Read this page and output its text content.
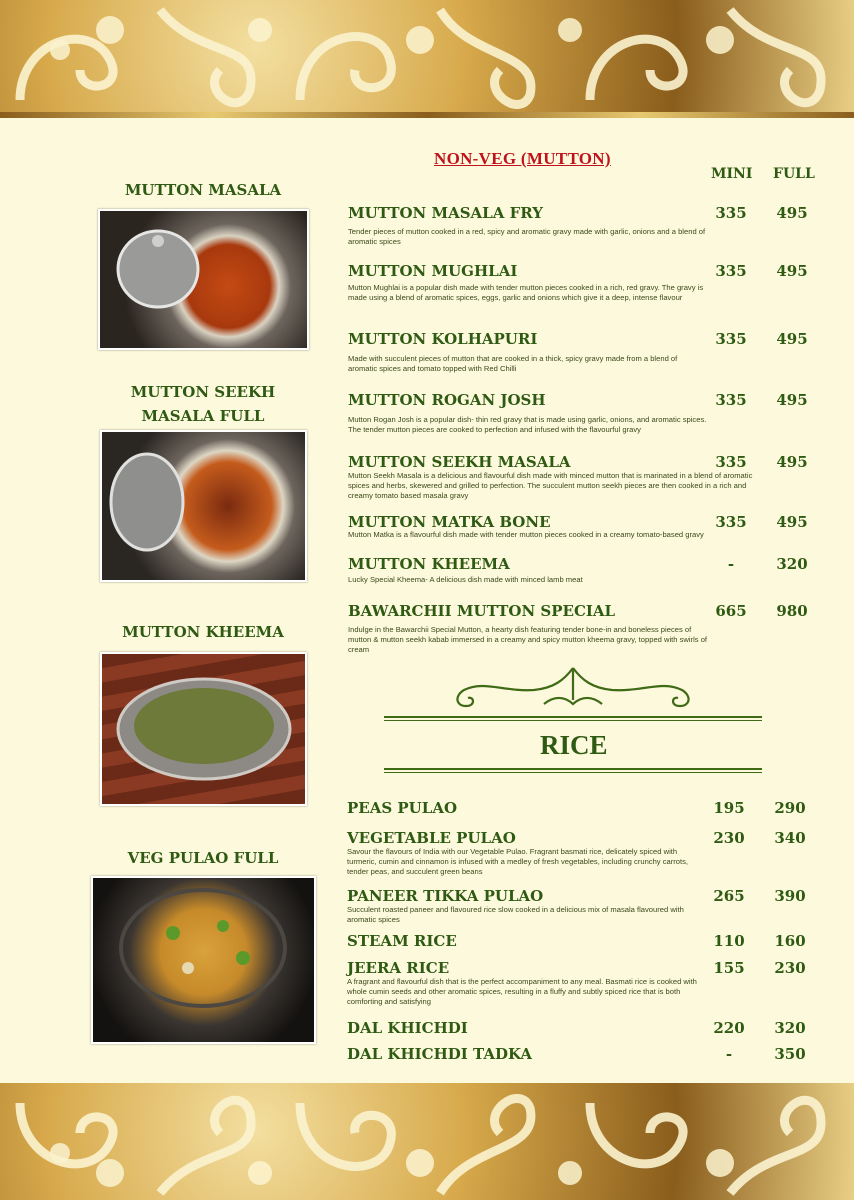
MUTTON MASALA
MUTTON SEEKH
MASALA FULL
MUTTON KHEEMA
VEG PULAO FULL
NON-VEG (MUTTON)
MINI FULL
MUTTON MASALA FRY	335 495
Tender pieces of mutton cooked in a red, spicy and aromatic gravy made with garlic, onions and a blend of aromatic spices
MUTTON MUGHLAI	335 495
Mutton Mughlai is a popular dish made with tender mutton pieces cooked in a rich, red gravy. The gravy is made using a blend of aromatic spices, eggs, garlic and onions which give it a deep, intense flavour
MUTTON KOLHAPURI	335 495
Made with succulent pieces of mutton that are cooked in a thick, spicy gravy made from a blend of aromatic spices and tomato topped with Red Chilli
MUTTON ROGAN JOSH	335 495
Mutton Rogan Josh is a popular dish- thin red gravy that is made using garlic, onions, and aromatic spices. The tender mutton pieces are cooked to perfection and infused with the flavourful gravy
MUTTON SEEKH MASALA	335 495
Mutton Seekh Masala is a delicious and flavourful dish made with minced mutton that is marinated in a blend of aromatic spices and herbs, skewered and grilled to perfection. The succulent mutton seekh pieces are then cooked in a rich and creamy tomato based masala gravy
MUTTON MATKA BONE	335 495
Mutton Matka is a flavourful dish made with tender mutton pieces cooked in a creamy tomato-based gravy
MUTTON KHEEMA	-	320
Lucky Special Kheema- A delicious dish made with minced lamb meat
BAWARCHII MUTTON SPECIAL	665 980
Indulge in the Bawarchii Special Mutton, a hearty dish featuring tender bone-in and boneless pieces of mutton & mutton seekh kabab immersed in a creamy and spicy mutton kheema gravy, topped with swirls of cream
RICE
PEAS PULAO	195 290
VEGETABLE PULAO	230 340
Savour the flavours of India with our Vegetable Pulao. Fragrant basmati rice, delicately spiced with turmeric, cumin and cinnamon is infused with a medley of fresh vegetables, including crunchy carrots, tender peas, and succulent green beans
PANEER TIKKA PULAO	265 390
Succulent roasted paneer and flavoured rice slow cooked in a delicious mix of masala flavoured with aromatic spices
STEAM RICE	110 160
JEERA RICE	155 230
A fragrant and flavourful dish that is the perfect accompaniment to any meal. Basmati rice is cooked with whole cumin seeds and other aromatic spices, resulting in a fluffy and subtly spiced rice that is both comforting and satisfying
DAL KHICHDI	220 320
DAL KHICHDI TADKA	-	350
